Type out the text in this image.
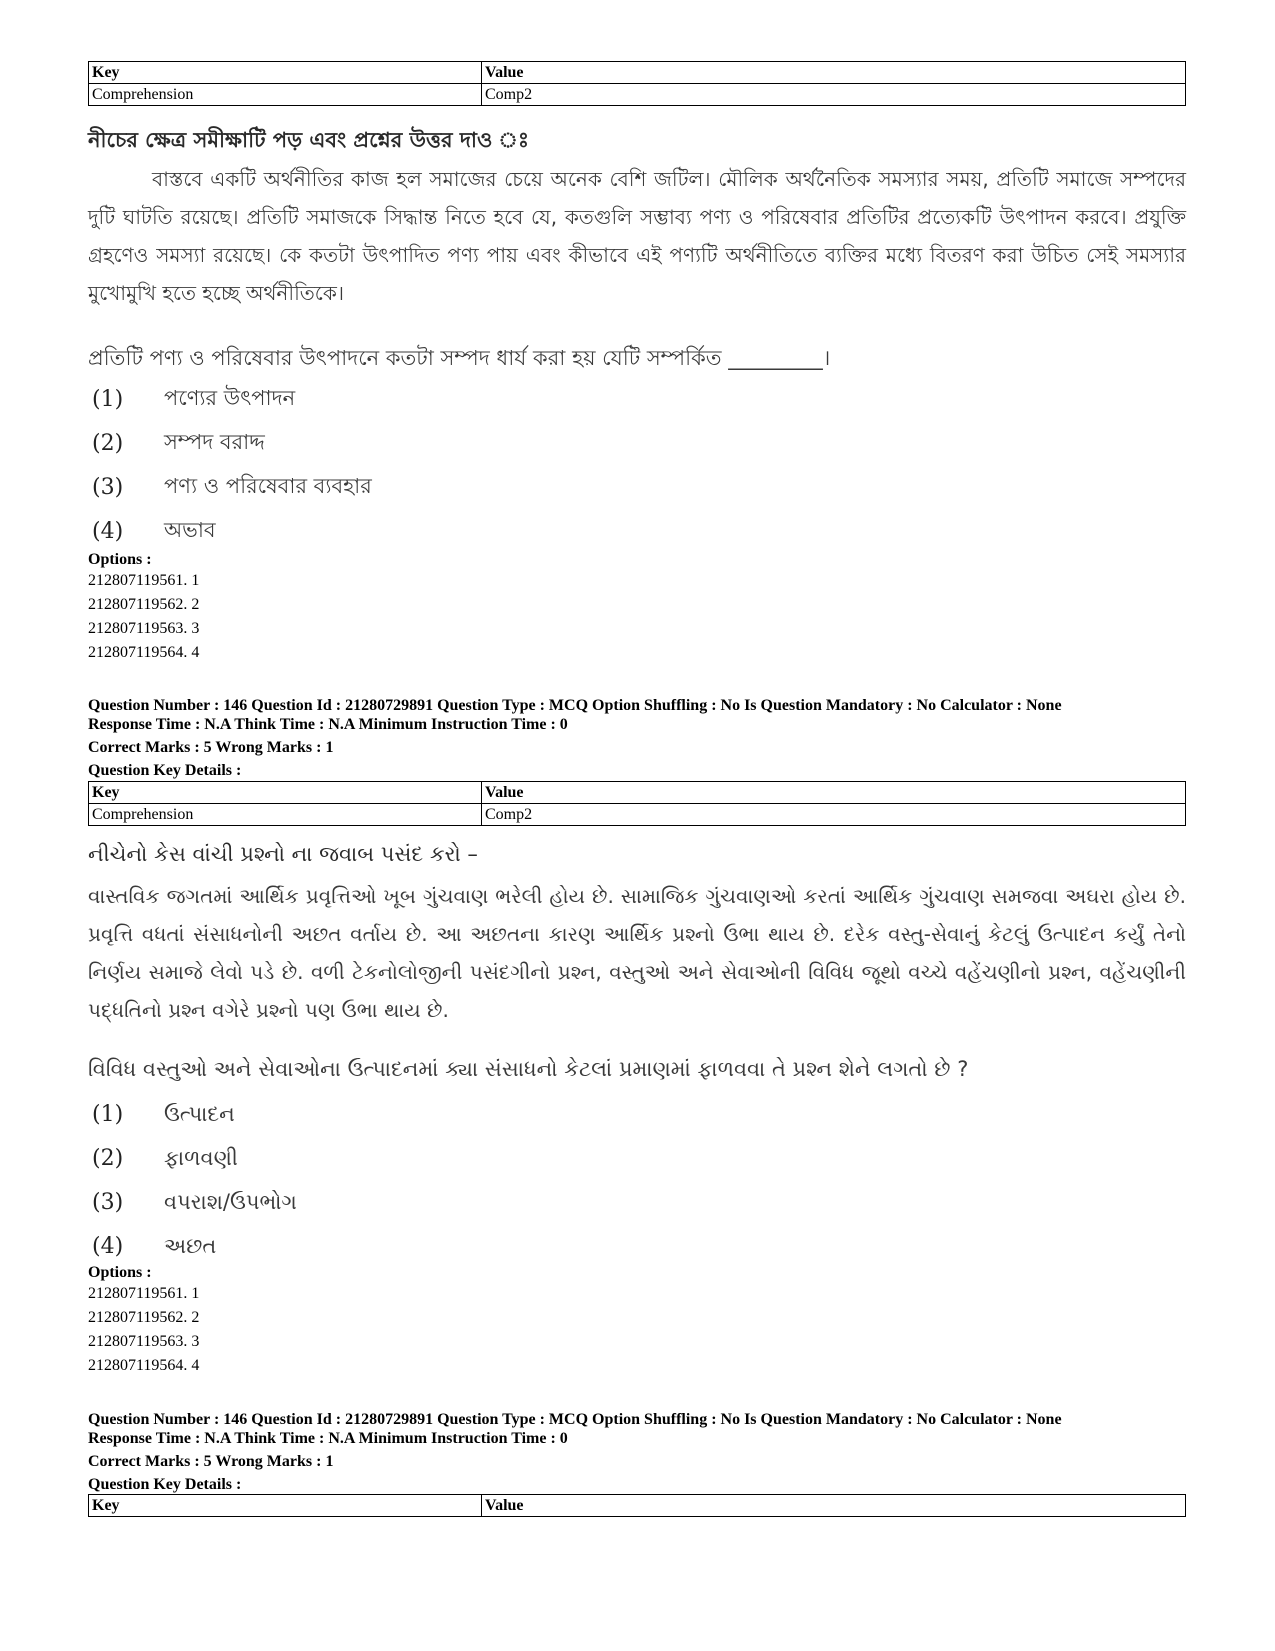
Key	Value
Comprehension	Comp2
নীচের ক্ষেত্র সমীক্ষাটি পড় এবং প্রশ্নের উত্তর দাও ঃ
বাস্তবে একটি অর্থনীতির কাজ হল সমাজের চেয়ে অনেক বেশি জটিল। মৌলিক অর্থনৈতিক সমস্যার সময়, প্রতিটি সমাজে সম্পদের দুটি ঘাটতি রয়েছে। প্রতিটি সমাজকে সিদ্ধান্ত নিতে হবে যে, কতগুলি সম্ভাব্য পণ্য ও পরিষেবার প্রতিটির প্রত্যেকটি উৎপাদন করবে। প্রযুক্তি গ্রহণেও সমস্যা রয়েছে। কে কতটা উৎপাদিত পণ্য পায় এবং কীভাবে এই পণ্যটি অর্থনীতিতে ব্যক্তির মধ্যে বিতরণ করা উচিত সেই সমস্যার মুখোমুখি হতে হচ্ছে অর্থনীতিকে।
প্রতিটি পণ্য ও পরিষেবার উৎপাদনে কতটা সম্পদ ধার্য করা হয় যেটি সম্পর্কিত _________।
(1)	পণ্যের উৎপাদন
(2)	সম্পদ বরাদ্দ
(3)	পণ্য ও পরিষেবার ব্যবহার
(4)	অভাব
Options :
212807119561. 1
212807119562. 2
212807119563. 3
212807119564. 4
Question Number : 146 Question Id : 21280729891 Question Type : MCQ Option Shuffling : No Is Question Mandatory : No Calculator : None
Response Time : N.A Think Time : N.A Minimum Instruction Time : 0
Correct Marks : 5 Wrong Marks : 1
Question Key Details :
Key	Value
Comprehension	Comp2
નીચેનો કેસ વાંચી પ્રશ્નો ના જવાબ પસંદ કરો –
વાસ્તવિક જગતમાં આર્થિક પ્રવૃત્તિઓ ખૂબ ગુંચવાણ ભરેલી હોય છે. સામાજિક ગુંચવાણઓ કરતાં આર્થિક ગુંચવાણ સમજવા અઘરા હોય છે. પ્રવૃત્તિ વધતાં સંસાધનોની અછત વર્તાય છે. આ અછતના કારણ આર્થિક પ્રશ્નો ઉભા થાય છે. દરેક વસ્તુ-સેવાનું કેટલું ઉત્પાદન કર્યું તેનો નિર્ણય સમાજે લેવો પડે છે. વળી ટેકનોલોજીની પસંદગીનો પ્રશ્ન, વસ્તુઓ અને સેવાઓની વિવિધ જૂથો વચ્ચે વહેંચણીનો પ્રશ્ન, વહેંચણીની પદ્ધતિનો પ્રશ્ન વગેરે પ્રશ્નો પણ ઉભા થાય છે.
વિવિધ વસ્તુઓ અને સેવાઓના ઉત્પાદનમાં ક્યા સંસાધનો કેટલાં પ્રમાણમાં ફાળવવા તે પ્રશ્ન શેને લગતો છે ?
(1)	ઉત્પાદન
(2)	ફાળવણી
(3)	વપરાશ/ઉપભોગ
(4)	અછત
Options :
212807119561. 1
212807119562. 2
212807119563. 3
212807119564. 4
Question Number : 146 Question Id : 21280729891 Question Type : MCQ Option Shuffling : No Is Question Mandatory : No Calculator : None
Response Time : N.A Think Time : N.A Minimum Instruction Time : 0
Correct Marks : 5 Wrong Marks : 1
Question Key Details :
Key	Value
